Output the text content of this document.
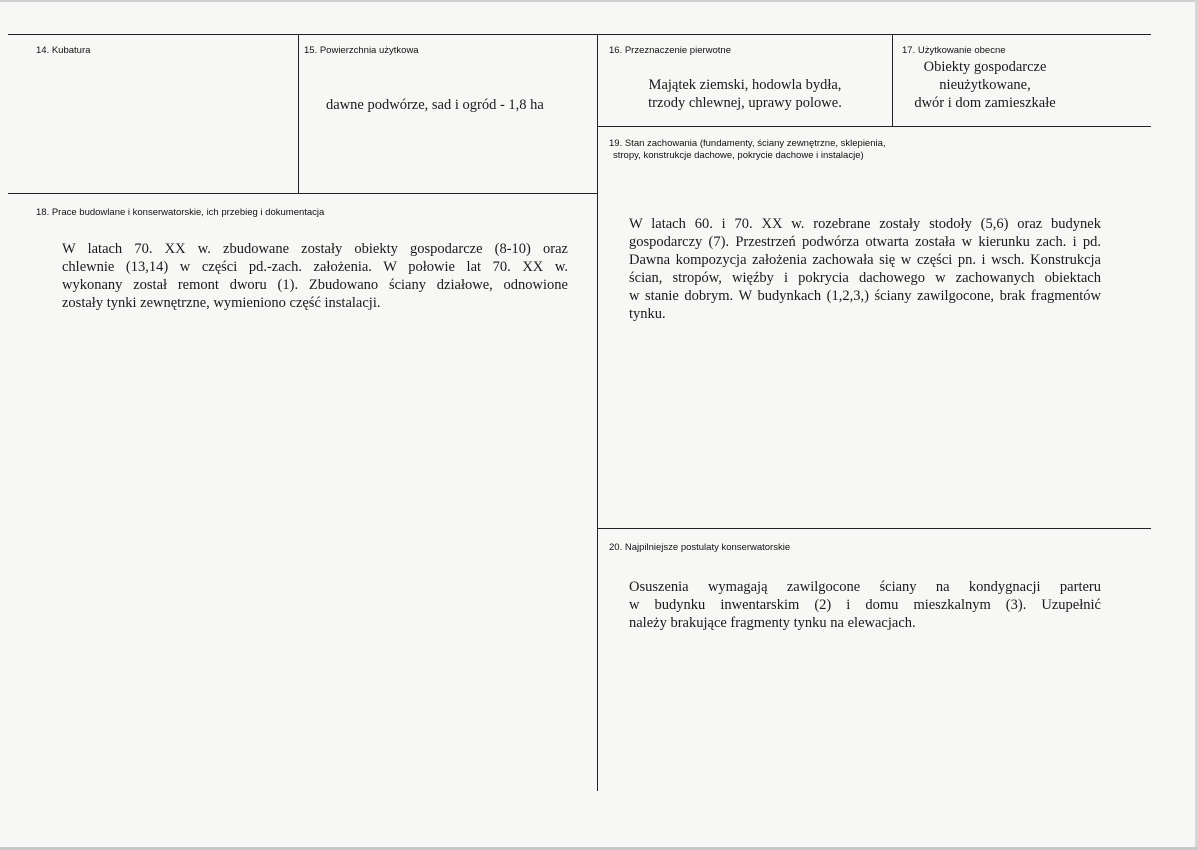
14. Kubatura	15. Powierzchnia użytkowa
dawne podwórze, sad i ogród - 1,8 ha
16. Przeznaczenie pierwotne
Majątek ziemski, hodowla bydła,
trzody chlewnej, uprawy polowe.
17. Użytkowanie obecne
Obiekty gospodarcze
nieużytkowane,
dwór i dom zamieszkałe
19. Stan zachowania (fundamenty, ściany zewnętrzne, sklepienia,
stropy, konstrukcje dachowe, pokrycie dachowe i instalacje)
W latach 60. i 70. XX w. rozebrane zostały stodoły (5,6) oraz budynek
gospodarczy (7). Przestrzeń podwórza otwarta została w kierunku zach. i pd.
Dawna kompozycja założenia zachowała się w części pn. i wsch. Konstrukcja
ścian, stropów, więźby i pokrycia dachowego w zachowanych obiektach
w stanie dobrym. W budynkach (1,2,3,) ściany zawilgocone, brak fragmentów
tynku.
18. Prace budowlane i konserwatorskie, ich przebieg i dokumentacja
W latach 70. XX w. zbudowane zostały obiekty gospodarcze (8-10) oraz
chlewnie (13,14) w części pd.-zach. założenia. W połowie lat 70. XX w.
wykonany został remont dworu (1). Zbudowano ściany działowe, odnowione
zostały tynki zewnętrzne, wymieniono część instalacji.
20. Najpilniejsze postulaty konserwatorskie
Osuszenia wymagają zawilgocone ściany na kondygnacji parteru
w budynku inwentarskim (2) i domu mieszkalnym (3). Uzupełnić
należy brakujące fragmenty tynku na elewacjach.
